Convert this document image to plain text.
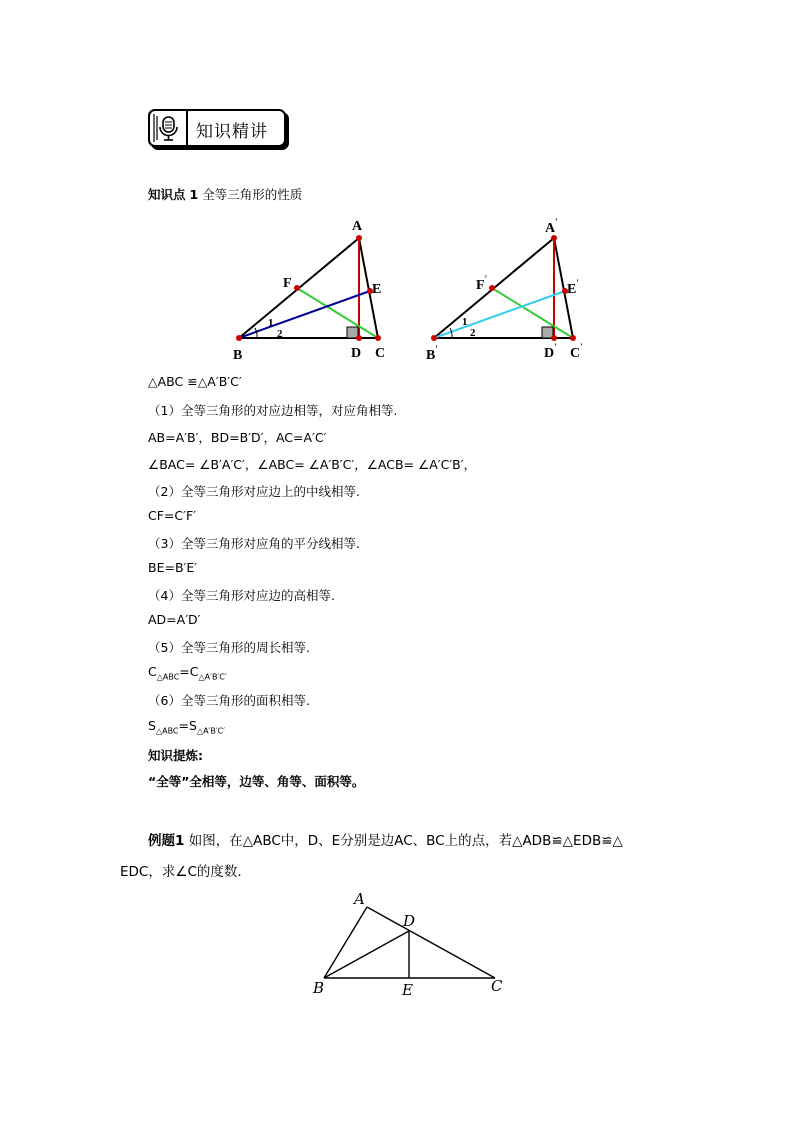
知识精讲
知识点 1 全等三角形的性质
A
B	C
D
E
F
1
2
A'
B'	C'
D'
E'
F'
1
2
△ABC ≌△A′B′C′
（1）全等三角形的对应边相等，对应角相等.
AB=A′B′，BD=B′D′，AC=A′C′
∠BAC= ∠B′A′C′，∠ABC= ∠A′B′C′，∠ACB= ∠A′C′B′，
（2）全等三角形对应边上的中线相等.
CF=C′F′
（3）全等三角形对应角的平分线相等.
BE=B′E′
（4）全等三角形对应边的高相等.
AD=A′D′
（5）全等三角形的周长相等.
$C_{\triangle ABC}=C_{\triangle A'B'C'}$
（6）全等三角形的面积相等.
$S_{\triangle ABC}=S_{\triangle A'B'C'}$
知识提炼:
“全等”全相等，边等、角等、面积等。
例题1 如图，在△ABC中，D、E分别是边AC、BC上的点，若△ADB≌△EDB≌△
EDC，求∠C的度数.
A
B	C
D
E
